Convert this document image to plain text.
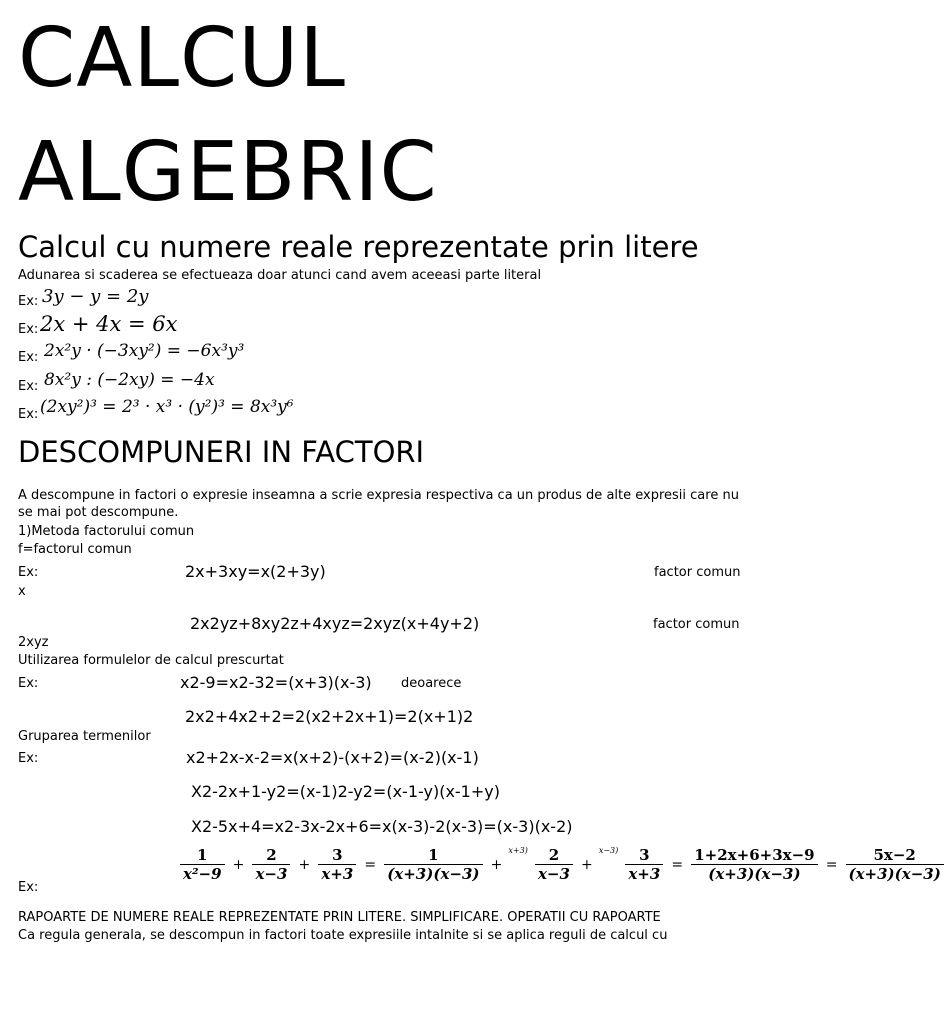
CALCUL
ALGEBRIC
Calcul cu numere reale reprezentate prin litere
Adunarea si scaderea se efectueaza doar atunci cand avem aceeasi parte literal
Ex: 3y − y = 2y
Ex: 2x + 4x = 6x
Ex: 2x²y · (−3xy²) = −6x³y³
Ex: 8x²y : (−2xy) = −4x
Ex: (2xy²)³ = 2³ · x³ · (y²)³ = 8x³y⁶
DESCOMPUNERI IN FACTORI
A descompune in factori o expresie inseamna a scrie expresia respectiva ca un produs de alte expresii care nu se mai pot descompune.
1)Metoda factorului comun
f=factorul comun
Ex:	2x+3xy=x(2+3y)	factor comun
x
2x2yz+8xy2z+4xyz=2xyz(x+4y+2)	factor comun
2xyz
Utilizarea formulelor de calcul prescurtat
Ex:	x2-9=x2-32=(x+3)(x-3) deoarece
2x2+4x2+2=2(x2+2x+1)=2(x+1)2
Gruparea termenilor
Ex:	x2+2x-x-2=x(x+2)-(x+2)=(x-2)(x-1)
X2-2x+1-y2=(x-1)2-y2=(x-1-y)(x-1+y)
X2-5x+4=x2-3x-2x+6=x(x-3)-2(x-3)=(x-3)(x-2)
Ex:
$\frac{1}{\text{x²−9}} + \frac{2}{x-3} + \frac{3}{x+3} = \frac{1}{(x+3)(x-3)} + ^{x+3)} \frac{2}{x-3} + ^{x-3)} \frac{3}{x+3} = \frac{1+2x+6+3x-9}{(x+3)(x-3)} = \frac{5x-2}{(x+3)(x-3)}$
RAPOARTE DE NUMERE REALE REPREZENTATE PRIN LITERE. SIMPLIFICARE. OPERATII CU RAPOARTE
Ca regula generala, se descompun in factori toate expresiile intalnite si se aplica reguli de calcul cu
